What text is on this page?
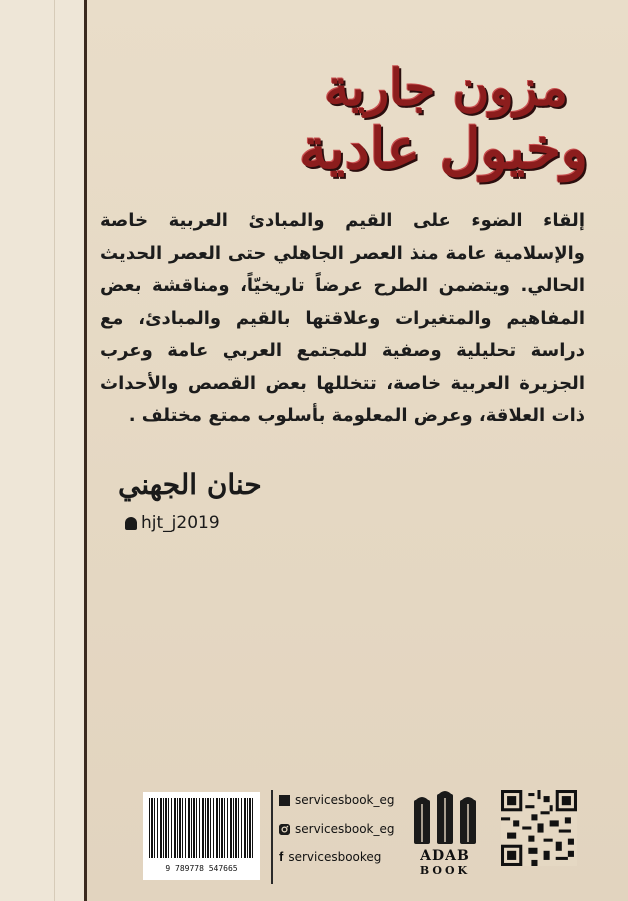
مزون جارية
وخيول عادية
إلقاء الضوء على القيم والمبادئ العربية خاصة والإسلامية عامة منذ العصر الجاهلي حتى العصر الحديث الحالي. ويتضمن الطرح عرضاً تاريخيّاً، ومناقشة بعض المفاهيم والمتغيرات وعلاقتها بالقيم والمبادئ، مع دراسة تحليلية وصفية للمجتمع العربي عامة وعرب الجزيرة العربية خاصة، تتخللها بعض القصص والأحداث ذات العلاقة، وعرض المعلومة بأسلوب ممتع مختلف .
حنان الجهني
hjt_j2019
9 789778 547665
servicesbook_eg
servicesbook_eg
f servicesbookeg	ADAB
BOOK
